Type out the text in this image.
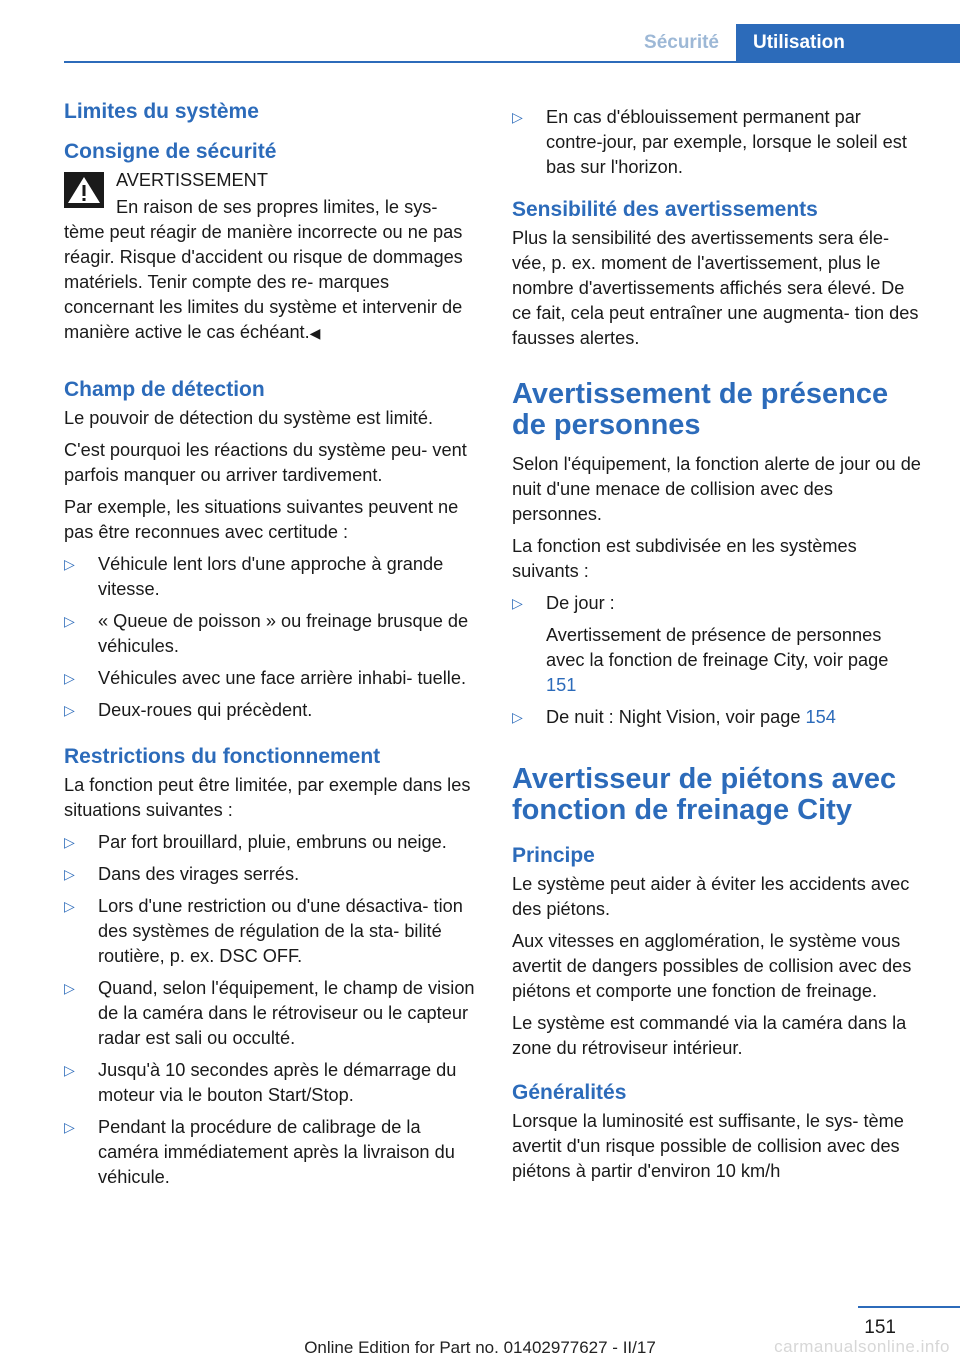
Sécurité	Utilisation
Limites du système
Consigne de sécurité
AVERTISSEMENT
En raison de ses propres limites, le sys-
tème peut réagir de manière incorrecte ou ne pas réagir. Risque d'accident ou risque de dommages matériels. Tenir compte des re- marques concernant les limites du système et intervenir de manière active le cas échéant.◀
Champ de détection

Le pouvoir de détection du système est limité.

C'est pourquoi les réactions du système peu- vent parfois manquer ou arriver tardivement.

Par exemple, les situations suivantes peuvent ne pas être reconnues avec certitude :

▷ Véhicule lent lors d'une approche à grande vitesse.
▷ « Queue de poisson » ou freinage brusque de véhicules.
▷ Véhicules avec une face arrière inhabi- tuelle.
▷ Deux-roues qui précèdent.
Restrictions du fonctionnement

La fonction peut être limitée, par exemple dans les situations suivantes :

▷ Par fort brouillard, pluie, embruns ou neige.
▷ Dans des virages serrés.
▷ Lors d'une restriction ou d'une désactiva- tion des systèmes de régulation de la sta- bilité routière, p. ex. DSC OFF.
▷ Quand, selon l'équipement, le champ de vision de la caméra dans le rétroviseur ou le capteur radar est sali ou occulté.
▷ Jusqu'à 10 secondes après le démarrage du moteur via le bouton Start/Stop.
▷ Pendant la procédure de calibrage de la caméra immédiatement après la livraison du véhicule.
▷ En cas d'éblouissement permanent par contre-jour, par exemple, lorsque le soleil est bas sur l'horizon.
Sensibilité des avertissements

Plus la sensibilité des avertissements sera éle- vée, p. ex. moment de l'avertissement, plus le nombre d'avertissements affichés sera élevé. De ce fait, cela peut entraîner une augmenta- tion des fausses alertes.

Avertissement de présence de personnes

Selon l'équipement, la fonction alerte de jour ou de nuit d'une menace de collision avec des personnes.

La fonction est subdivisée en les systèmes suivants :

▷ De jour :
Avertissement de présence de personnes avec la fonction de freinage City, voir page 151
▷ De nuit : Night Vision, voir page 154
Avertisseur de piétons avec fonction de freinage City
Principe

Le système peut aider à éviter les accidents avec des piétons.

Aux vitesses en agglomération, le système vous avertit de dangers possibles de collision avec des piétons et comporte une fonction de freinage.

Le système est commandé via la caméra dans la zone du rétroviseur intérieur.

Généralités

Lorsque la luminosité est suffisante, le sys- tème avertit d'un risque possible de collision avec des piétons à partir d'environ 10 km/h

151
Online Edition for Part no. 01402977627 - II/17	carmanualsonline.info
